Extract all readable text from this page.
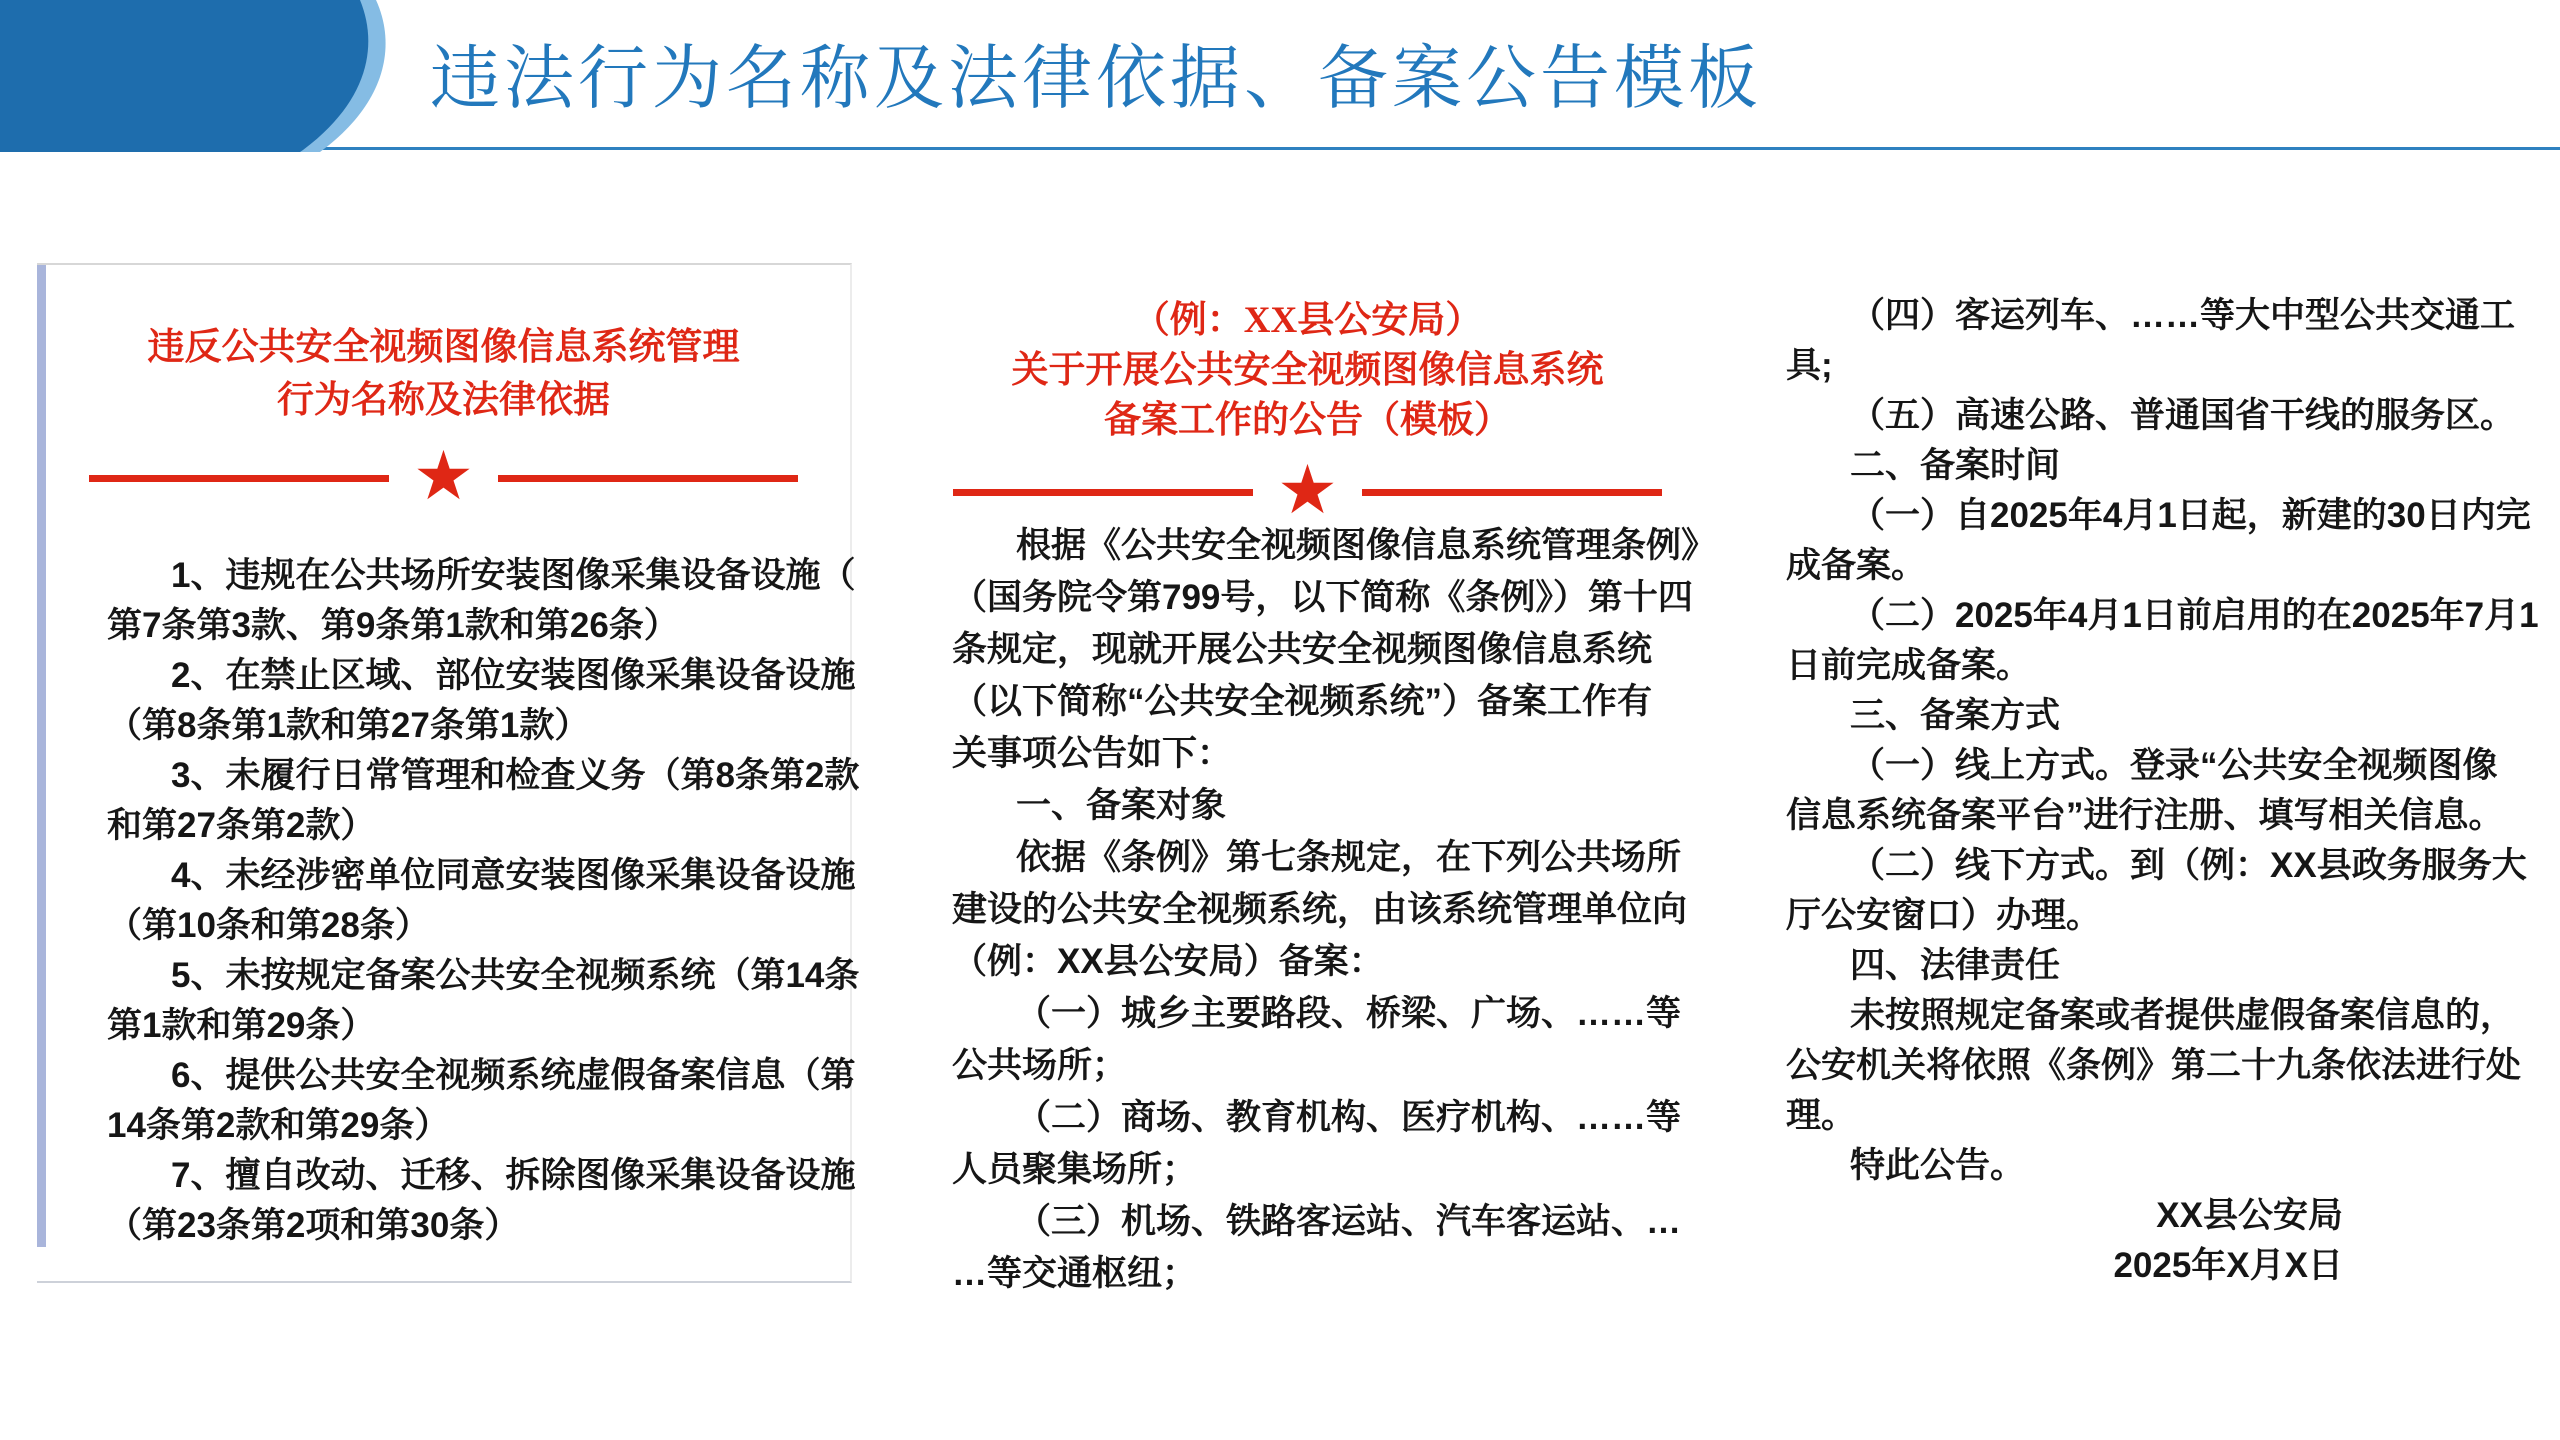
违法行为名称及法律依据、备案公告模板
违反公共安全视频图像信息系统管理
行为名称及法律依据
★
1、违规在公共场所安装图像采集设备设施（
第7条第3款、第9条第1款和第26条）
2、在禁止区域、部位安装图像采集设备设施
（第8条第1款和第27条第1款）
3、未履行日常管理和检查义务（第8条第2款
和第27条第2款）
4、未经涉密单位同意安装图像采集设备设施
（第10条和第28条）
5、未按规定备案公共安全视频系统（第14条
第1款和第29条）
6、提供公共安全视频系统虚假备案信息（第
14条第2款和第29条）
7、擅自改动、迁移、拆除图像采集设备设施
（第23条第2项和第30条）
（例：XX县公安局）
关于开展公共安全视频图像信息系统
备案工作的公告（模板）
★
根据《公共安全视频图像信息系统管理条例》
（国务院令第799号，以下简称《条例》）第十四
条规定，现就开展公共安全视频图像信息系统
（以下简称“公共安全视频系统”）备案工作有
关事项公告如下：
一、备案对象
依据《条例》第七条规定，在下列公共场所
建设的公共安全视频系统，由该系统管理单位向
（例：XX县公安局）备案：
（一）城乡主要路段、桥梁、广场、……等
公共场所；
（二）商场、教育机构、医疗机构、……等
人员聚集场所；
（三）机场、铁路客运站、汽车客运站、…
…等交通枢纽；
（四）客运列车、……等大中型公共交通工
具;
（五）高速公路、普通国省干线的服务区。
二、备案时间
（一）自2025年4月1日起，新建的30日内完
成备案。
（二）2025年4月1日前启用的在2025年7月1
日前完成备案。
三、备案方式
（一）线上方式。登录“公共安全视频图像
信息系统备案平台”进行注册、填写相关信息。
（二）线下方式。到（例：XX县政务服务大
厅公安窗口）办理。
四、法律责任
未按照规定备案或者提供虚假备案信息的，
公安机关将依照《条例》第二十九条依法进行处
理。
特此公告。
XX县公安局
2025年X月X日
